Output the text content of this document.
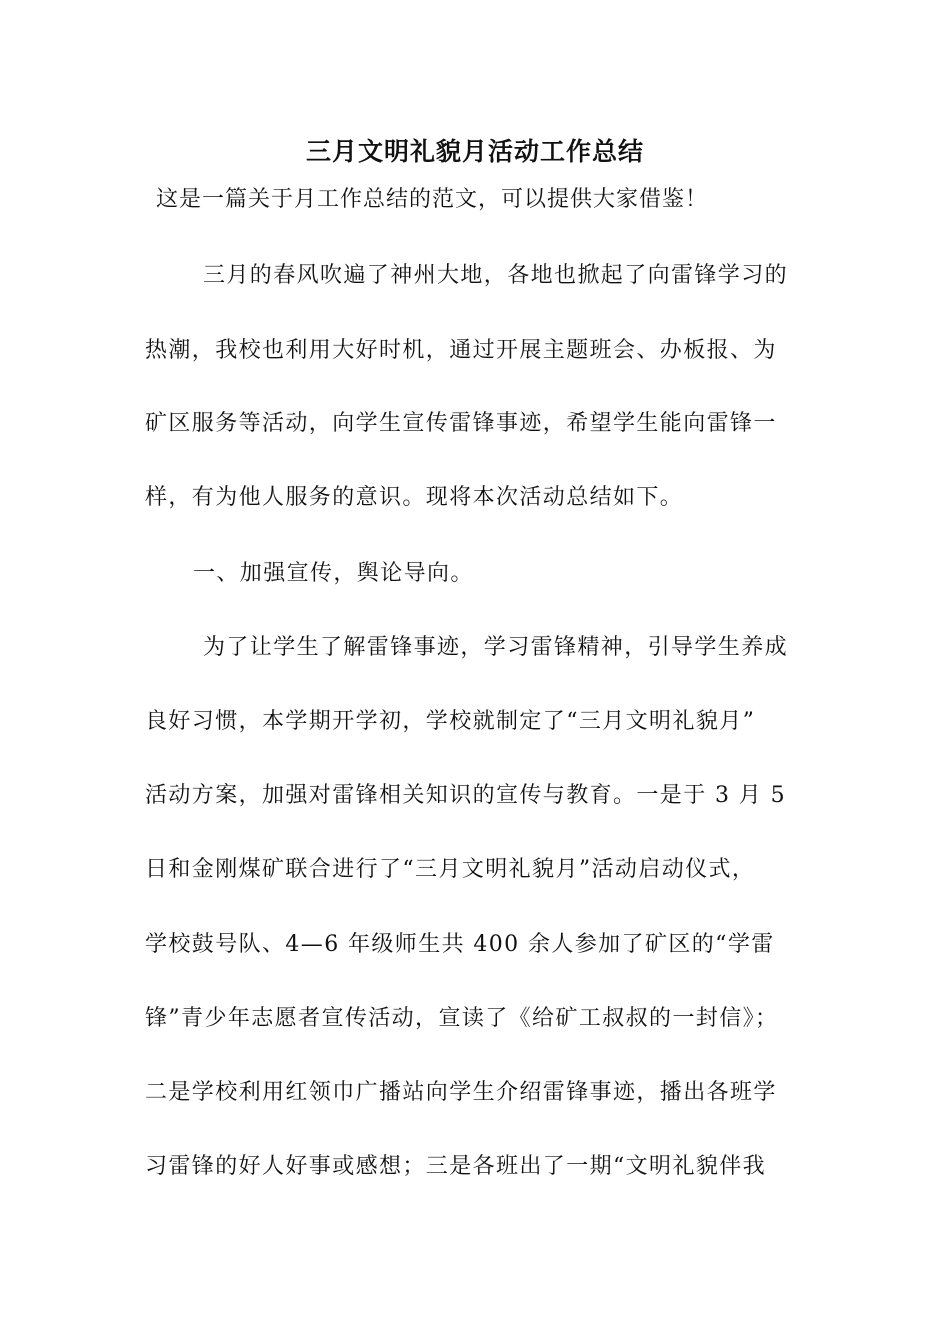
三月文明礼貌月活动工作总结
这是一篇关于月工作总结的范文，可以提供大家借鉴！
三月的春风吹遍了神州大地，各地也掀起了向雷锋学习的
热潮，我校也利用大好时机，通过开展主题班会、办板报、为
矿区服务等活动，向学生宣传雷锋事迹，希望学生能向雷锋一
样，有为他人服务的意识。现将本次活动总结如下。
一、加强宣传，舆论导向。
为了让学生了解雷锋事迹，学习雷锋精神，引导学生养成
良好习惯，本学期开学初，学校就制定了“三月文明礼貌月”
活动方案，加强对雷锋相关知识的宣传与教育。一是于 3 月 5
日和金刚煤矿联合进行了“三月文明礼貌月”活动启动仪式，
学校鼓号队、4—6 年级师生共 400 余人参加了矿区的“学雷
锋”青少年志愿者宣传活动，宣读了《给矿工叔叔的一封信》；
二是学校利用红领巾广播站向学生介绍雷锋事迹，播出各班学
习雷锋的好人好事或感想；三是各班出了一期“文明礼貌伴我
